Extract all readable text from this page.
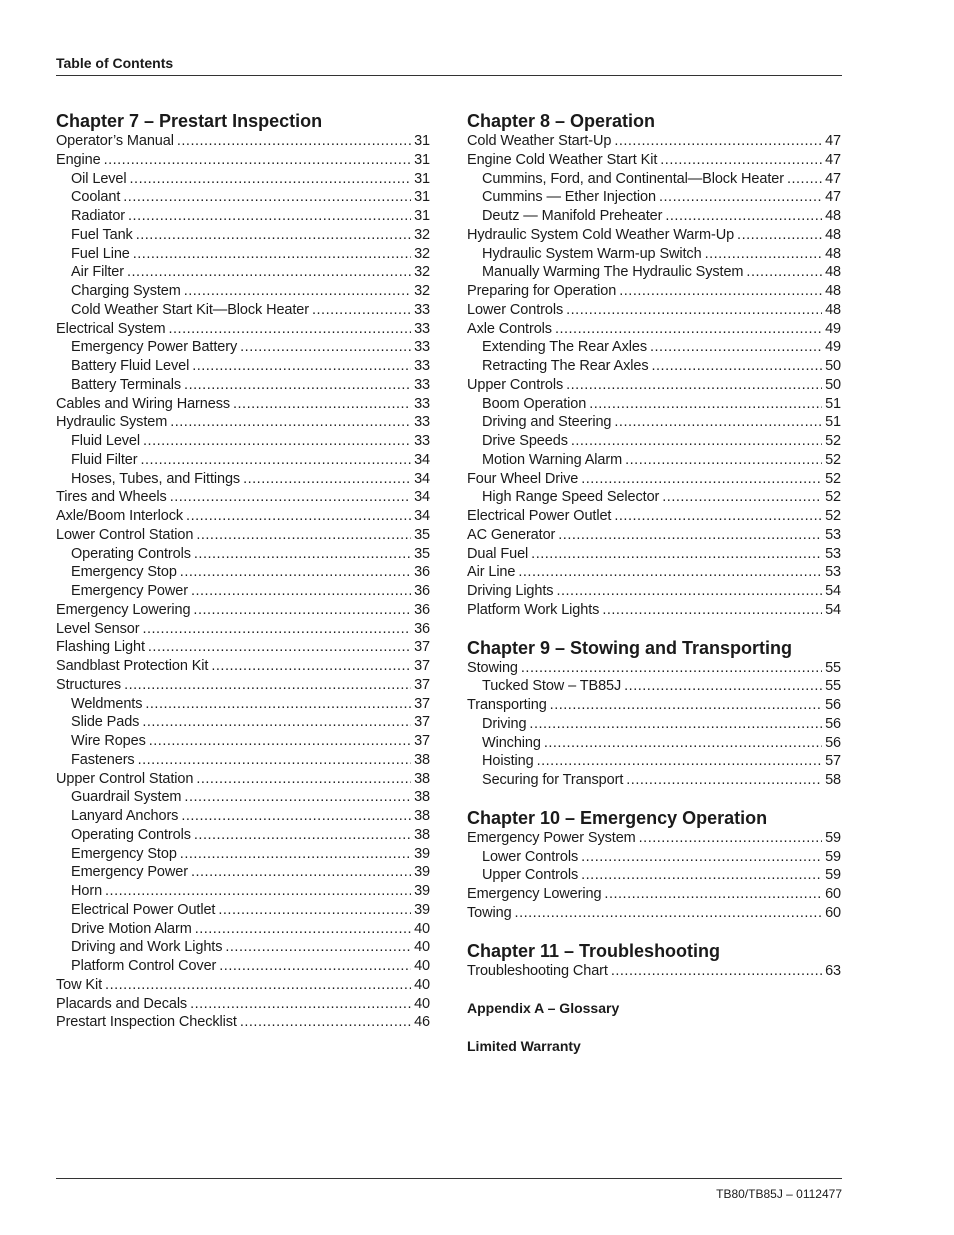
Table of Contents
Chapter 7 – Prestart Inspection
Operator’s Manual .....	31
Engine .....	31
Oil Level .....	31
Coolant .....	31
Radiator .....	31
Fuel Tank .....	32
Fuel Line .....	32
Air Filter .....	32
Charging System .....	32
Cold Weather Start Kit—Block Heater .....	33
Electrical System .....	33
Emergency Power Battery .....	33
Battery Fluid Level .....	33
Battery Terminals .....	33
Cables and Wiring Harness .....	33
Hydraulic System .....	33
Fluid Level .....	33
Fluid Filter .....	34
Hoses, Tubes, and Fittings .....	34
Tires and Wheels .....	34
Axle/Boom Interlock .....	34
Lower Control Station .....	35
Operating Controls .....	35
Emergency Stop .....	36
Emergency Power .....	36
Emergency Lowering .....	36
Level Sensor .....	36
Flashing Light .....	37
Sandblast Protection Kit .....	37
Structures .....	37
Weldments .....	37
Slide Pads .....	37
Wire Ropes .....	37
Fasteners .....	38
Upper Control Station .....	38
Guardrail System .....	38
Lanyard Anchors .....	38
Operating Controls .....	38
Emergency Stop .....	39
Emergency Power .....	39
Horn .....	39
Electrical Power Outlet .....	39
Drive Motion Alarm .....	40
Driving and Work Lights .....	40
Platform Control Cover .....	40
Tow Kit .....	40
Placards and Decals .....	40
Prestart Inspection Checklist .....	46
Chapter 8 – Operation
Cold Weather Start-Up .....	47
Engine Cold Weather Start Kit .....	47
Cummins, Ford, and Continental—Block Heater .....	47
Cummins — Ether Injection .....	47
Deutz — Manifold Preheater .....	48
Hydraulic System Cold Weather Warm-Up .....	48
Hydraulic System Warm-up Switch .....	48
Manually Warming The Hydraulic System .....	48
Preparing for Operation .....	48
Lower Controls .....	48
Axle Controls .....	49
Extending The Rear Axles .....	49
Retracting The Rear Axles .....	50
Upper Controls .....	50
Boom Operation .....	51
Driving and Steering .....	51
Drive Speeds .....	52
Motion Warning Alarm .....	52
Four Wheel Drive .....	52
High Range Speed Selector .....	52
Electrical Power Outlet .....	52
AC Generator .....	53
Dual Fuel .....	53
Air Line .....	53
Driving Lights .....	54
Platform Work Lights .....	54
Chapter 9 – Stowing and Transporting
Stowing .....	55
Tucked Stow – TB85J .....	55
Transporting .....	56
Driving .....	56
Winching .....	56
Hoisting .....	57
Securing for Transport .....	58
Chapter 10 – Emergency Operation
Emergency Power System .....	59
Lower Controls .....	59
Upper Controls .....	59
Emergency Lowering .....	60
Towing .....	60
Chapter 11 – Troubleshooting
Troubleshooting Chart .....	63
Appendix A – Glossary
Limited Warranty
TB80/TB85J – 0112477
